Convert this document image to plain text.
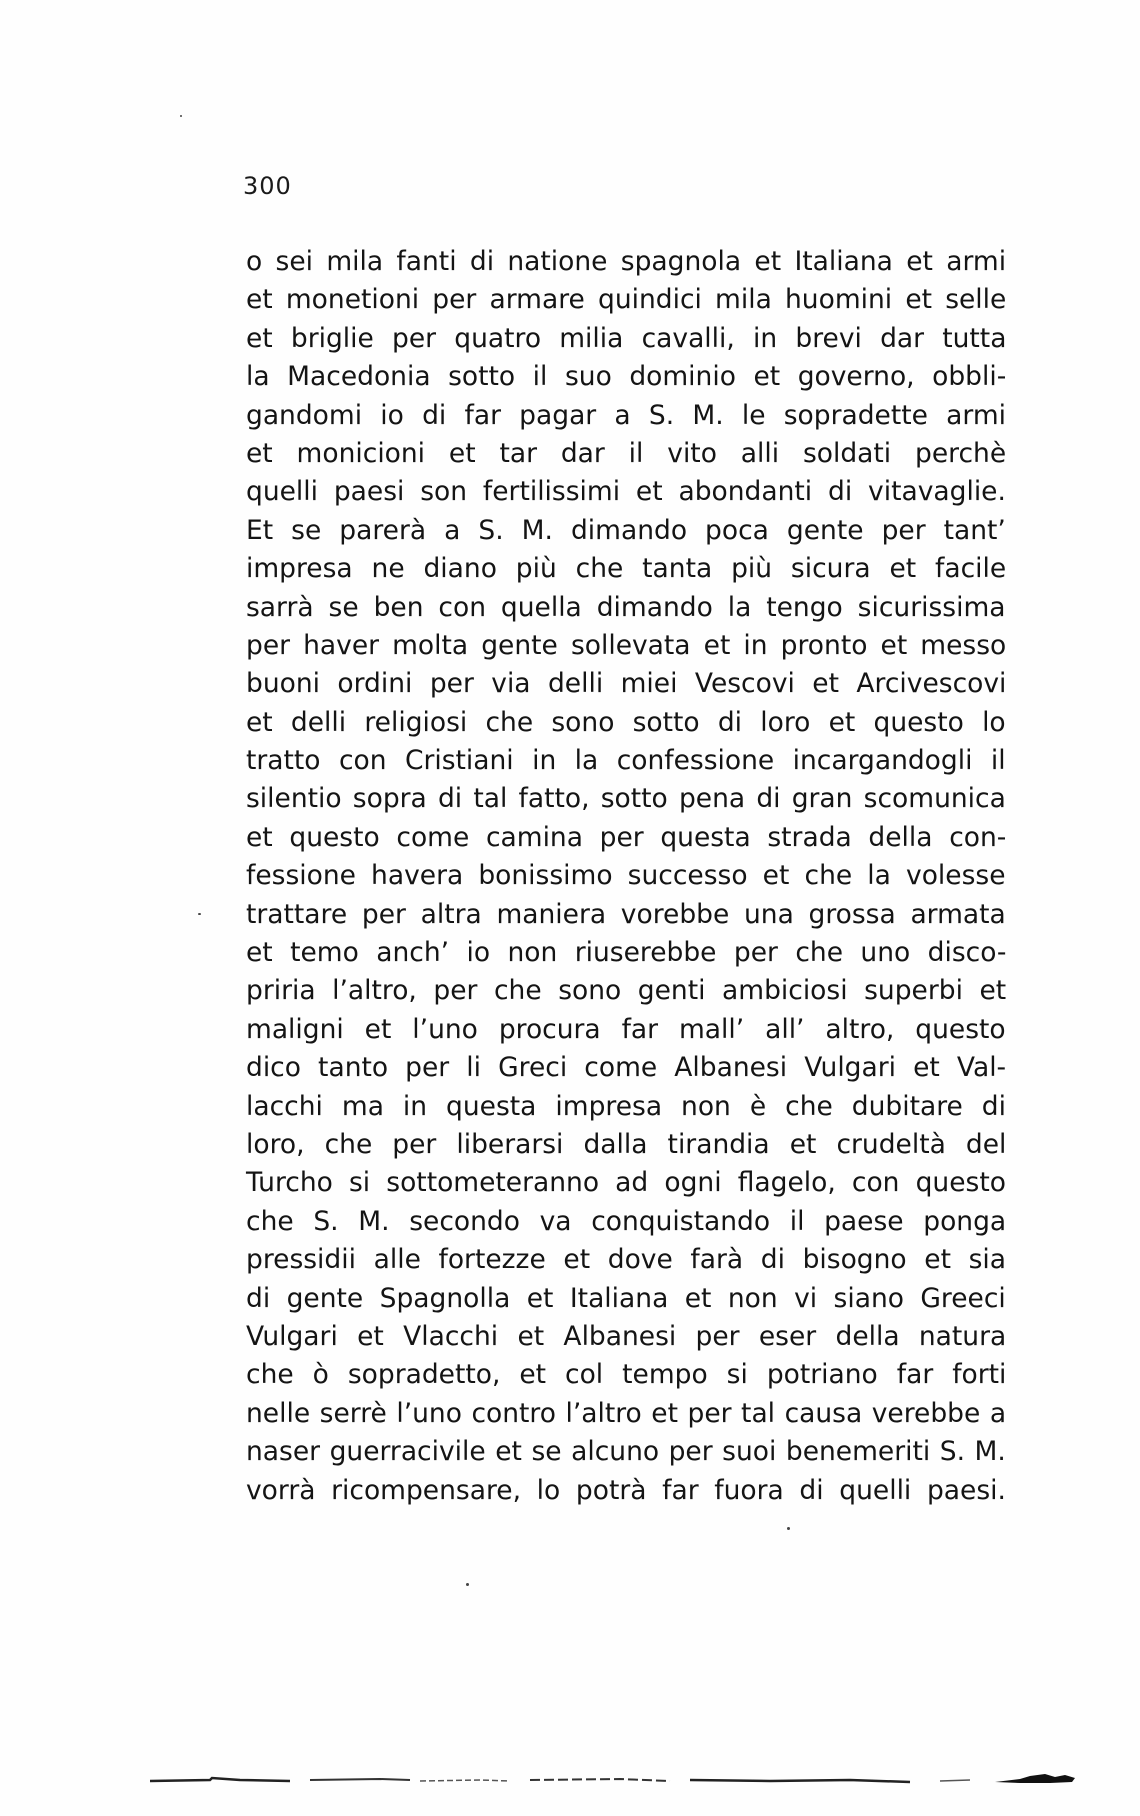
300
o sei mila fanti di natione spagnola et Italiana et armi
et monetioni per armare quindici mila huomini et selle
et briglie per quatro milia cavalli, in brevi dar tutta
la Macedonia sotto il suo dominio et governo, obbli-
gandomi io di far pagar a S. M. le sopradette armi
et monicioni et tar dar il vito alli soldati perchè
quelli paesi son fertilissimi et abondanti di vitavaglie.
Et se parerà a S. M. dimando poca gente per tant’
impresa ne diano più che tanta più sicura et facile
sarrà se ben con quella dimando la tengo sicurissima
per haver molta gente sollevata et in pronto et messo
buoni ordini per via delli miei Vescovi et Arcivescovi
et delli religiosi che sono sotto di loro et questo lo
tratto con Cristiani in la confessione incargandogli il
silentio sopra di tal fatto, sotto pena di gran scomunica
et questo come camina per questa strada della con-
fessione havera bonissimo successo et che la volesse
trattare per altra maniera vorebbe una grossa armata
et temo anch’ io non riuserebbe per che uno disco-
priria l’altro, per che sono genti ambiciosi superbi et
maligni et l’uno procura far mall’ all’ altro, questo
dico tanto per li Greci come Albanesi Vulgari et Val-
lacchi ma in questa impresa non è che dubitare di
loro, che per liberarsi dalla tirandia et crudeltà del
Turcho si sottometeranno ad ogni flagelo, con questo
che S. M. secondo va conquistando il paese ponga
pressidii alle fortezze et dove farà di bisogno et sia
di gente Spagnolla et Italiana et non vi siano Greeci
Vulgari et Vlacchi et Albanesi per eser della natura
che ò sopradetto, et col tempo si potriano far forti
nelle serrè l’uno contro l’altro et per tal causa verebbe a
naser guerracivile et se alcuno per suoi benemeriti S. M.
vorrà ricompensare, lo potrà far fuora di quelli paesi.
